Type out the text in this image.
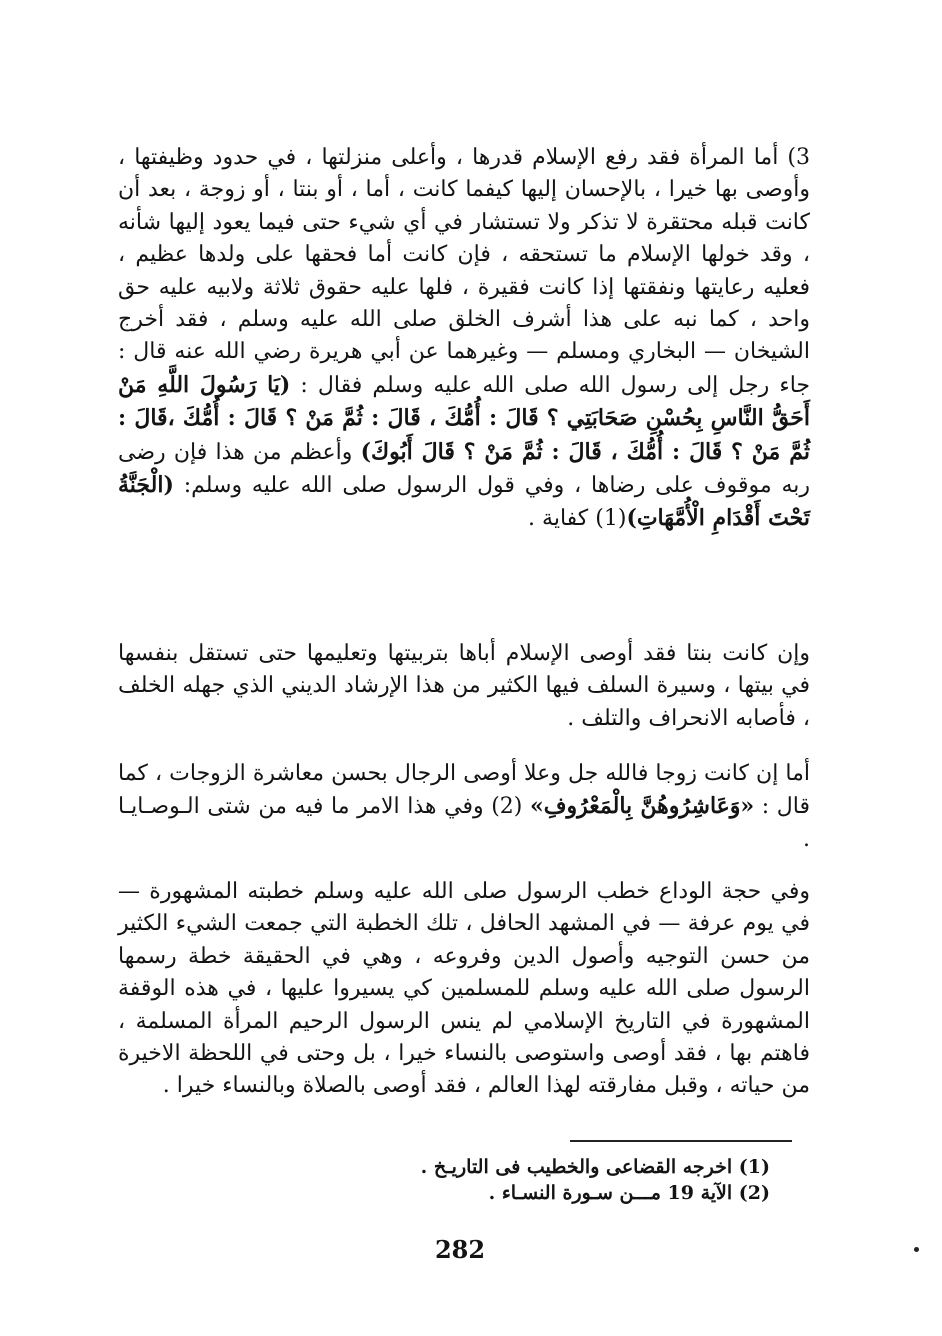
3) أما المرأة فقد رفع الإسلام قدرها ، وأعلى منزلتها ، في حدود وظيفتها ، وأوصى بها خيرا ، بالإحسان إليها كيفما كانت ، أما ، أو بنتا ، أو زوجة ، بعد أن كانت قبله محتقرة لا تذكر ولا تستشار في أي شيء حتى فيما يعود إليها شأنه ، وقد خولها الإسلام ما تستحقه ، فإن كانت أما فحقها على ولدها عظيم ، فعليه رعايتها ونفقتها إذا كانت فقيرة ، فلها عليه حقوق ثلاثة ولابيه عليه حق واحد ، كما نبه على هذا أشرف الخلق صلى الله عليه وسلم ، فقد أخرج الشيخان — البخاري ومسلم — وغيرهما عن أبي هريرة رضي الله عنه قال : جاء رجل إلى رسول الله صلى الله عليه وسلم فقال : (يَا رَسُولَ اللَّهِ مَنْ أَحَقُّ النَّاسِ بِحُسْنِ صَحَابَتِي ؟ قَالَ : أُمُّكَ ، قَالَ : ثُمَّ مَنْ ؟ قَالَ : أُمُّكَ ،قَالَ : ثُمَّ مَنْ ؟ قَالَ : أُمُّكَ ، قَالَ : ثُمَّ مَنْ ؟ قَالَ أَبُوكَ) وأعظم من هذا فإن رضى ربه موقوف على رضاها ، وفي قول الرسول صلى الله عليه وسلم: (الْجَنَّةُ تَحْتَ أَقْدَامِ الْأُمَّهَاتِ)(1) كفاية .

وإن كانت بنتا فقد أوصى الإسلام أباها بتربيتها وتعليمها حتى تستقل بنفسها في بيتها ، وسيرة السلف فيها الكثير من هذا الإرشاد الديني الذي جهله الخلف ، فأصابه الانحراف والتلف .

أما إن كانت زوجا فالله جل وعلا أوصى الرجال بحسن معاشرة الزوجات ، كما قال : «وَعَاشِرُوهُنَّ بِالْمَعْرُوفِ» (2) وفي هذا الامر ما فيه من شتى الـوصـايـا .

وفي حجة الوداع خطب الرسول صلى الله عليه وسلم خطبته المشهورة — في يوم عرفة — في المشهد الحافل ، تلك الخطبة التي جمعت الشيء الكثير من حسن التوجيه وأصول الدين وفروعه ، وهي في الحقيقة خطة رسمها الرسول صلى الله عليه وسلم للمسلمين كي يسيروا عليها ، في هذه الوقفة المشهورة في التاريخ الإسلامي لم ينس الرسول الرحيم المرأة المسلمة ، فاهتم بها ، فقد أوصى واستوصى بالنساء خيرا ، بل وحتى في اللحظة الاخيرة من حياته ، وقبل مفارقته لهذا العالم ، فقد أوصى بالصلاة وبالنساء خيرا .

(1) اخرجه القضاعى والخطيب فى التاريـخ .

(2) الآية 19 مـــن سـورة النسـاء .

282
